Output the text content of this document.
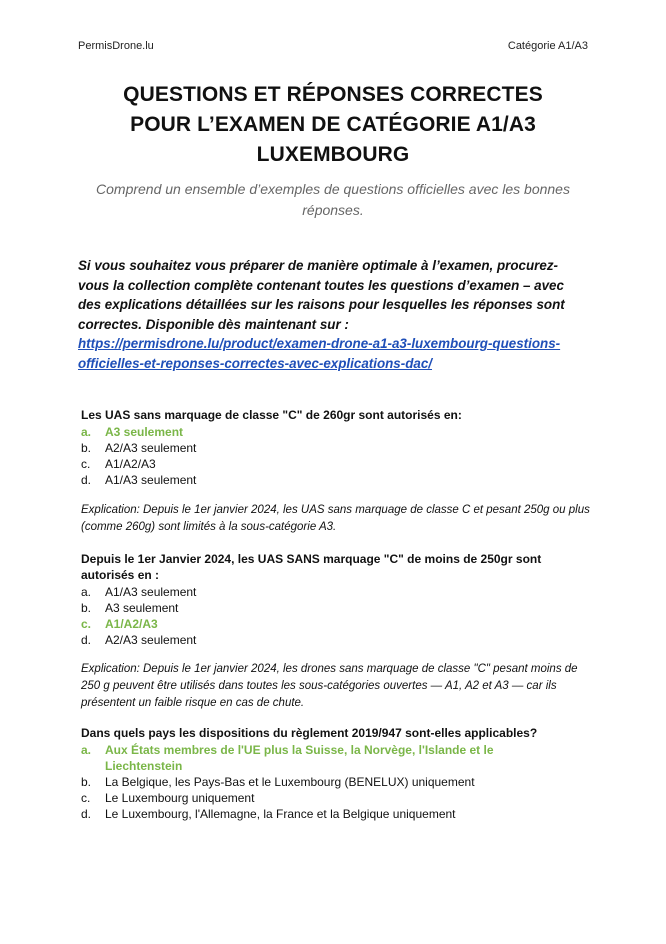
PermisDrone.lu	Catégorie A1/A3
QUESTIONS ET RÉPONSES CORRECTES
POUR L’EXAMEN DE CATÉGORIE A1/A3
LUXEMBOURG
Comprend un ensemble d’exemples de questions officielles avec les bonnes réponses.
Si vous souhaitez vous préparer de manière optimale à l’examen, procurez-vous la collection complète contenant toutes les questions d’examen – avec des explications détaillées sur les raisons pour lesquelles les réponses sont correctes. Disponible dès maintenant sur : https://permisdrone.lu/product/examen-drone-a1-a3-luxembourg-questions-officielles-et-reponses-correctes-avec-explications-dac/
Les UAS sans marquage de classe "C" de 260gr sont autorisés en:
a.	A3 seulement
b.	A2/A3 seulement
c.	A1/A2/A3
d.	A1/A3 seulement
Explication: Depuis le 1er janvier 2024, les UAS sans marquage de classe C et pesant 250g ou plus (comme 260g) sont limités à la sous-catégorie A3.
Depuis le 1er Janvier 2024, les UAS SANS marquage "C" de moins de 250gr sont autorisés en :
a.	A1/A3 seulement
b.	A3 seulement
c.	A1/A2/A3
d.	A2/A3 seulement
Explication: Depuis le 1er janvier 2024, les drones sans marquage de classe "C" pesant moins de 250 g peuvent être utilisés dans toutes les sous-catégories ouvertes — A1, A2 et A3 — car ils présentent un faible risque en cas de chute.
Dans quels pays les dispositions du règlement 2019/947 sont-elles applicables?
a.	Aux États membres de l'UE plus la Suisse, la Norvège, l'Islande et le Liechtenstein
b.	La Belgique, les Pays-Bas et le Luxembourg (BENELUX) uniquement
c.	Le Luxembourg uniquement
d.	Le Luxembourg, l'Allemagne, la France et la Belgique uniquement
